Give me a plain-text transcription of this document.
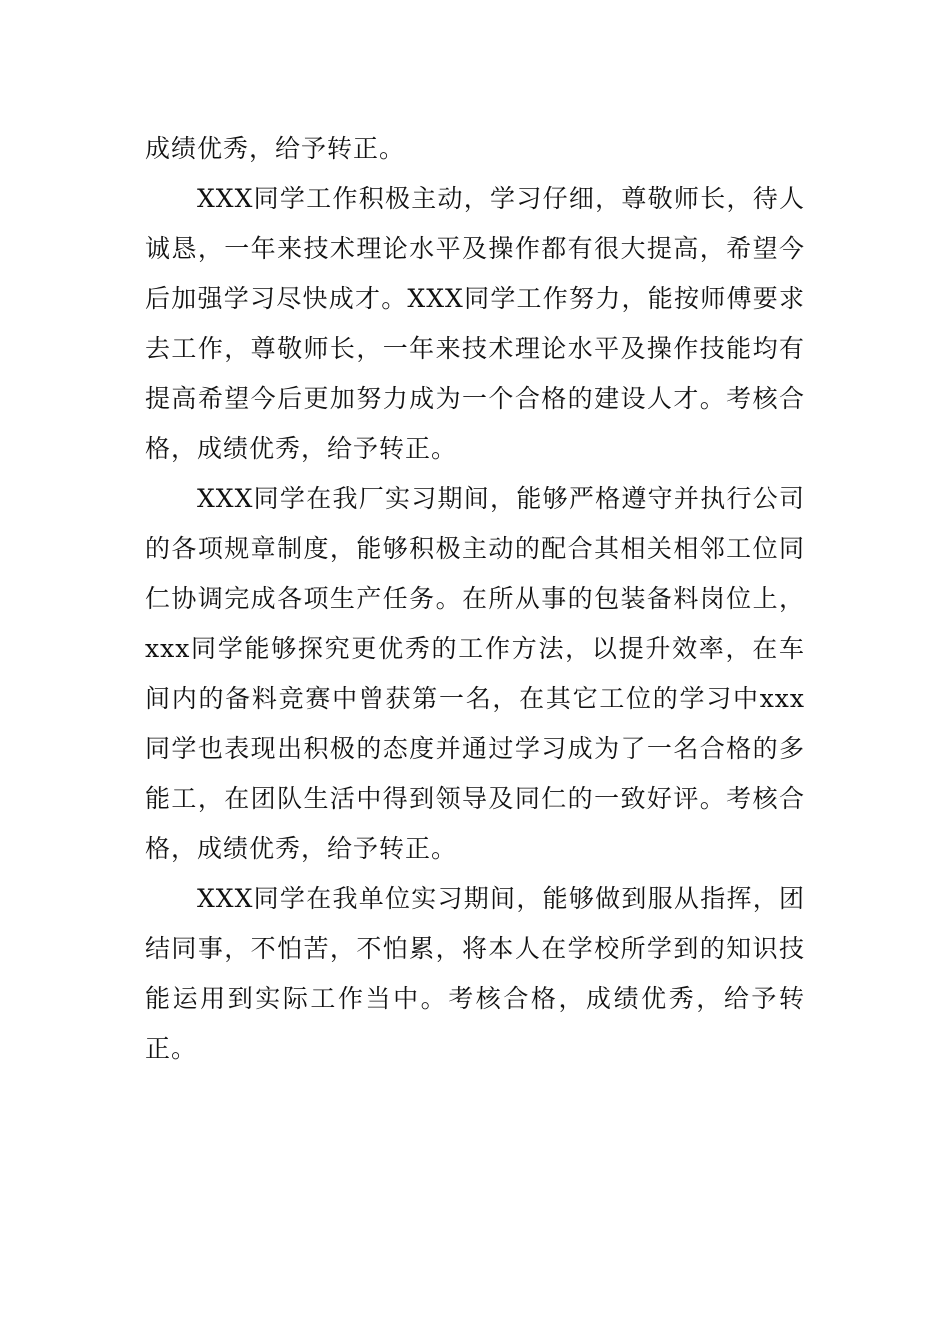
成绩优秀，给予转正。

XXX同学工作积极主动，学习仔细，尊敬师长，待人诚恳，一年来技术理论水平及操作都有很大提高，希望今后加强学习尽快成才。XXX同学工作努力，能按师傅要求去工作，尊敬师长，一年来技术理论水平及操作技能均有提高希望今后更加努力成为一个合格的建设人才。考核合格，成绩优秀，给予转正。

XXX同学在我厂实习期间，能够严格遵守并执行公司的各项规章制度，能够积极主动的配合其相关相邻工位同仁协调完成各项生产任务。在所从事的包装备料岗位上，xxx同学能够探究更优秀的工作方法，以提升效率，在车间内的备料竞赛中曾获第一名，在其它工位的学习中xxx同学也表现出积极的态度并通过学习成为了一名合格的多能工，在团队生活中得到领导及同仁的一致好评。考核合格，成绩优秀，给予转正。

XXX同学在我单位实习期间，能够做到服从指挥，团结同事，不怕苦，不怕累，将本人在学校所学到的知识技能运用到实际工作当中。考核合格，成绩优秀，给予转正。
